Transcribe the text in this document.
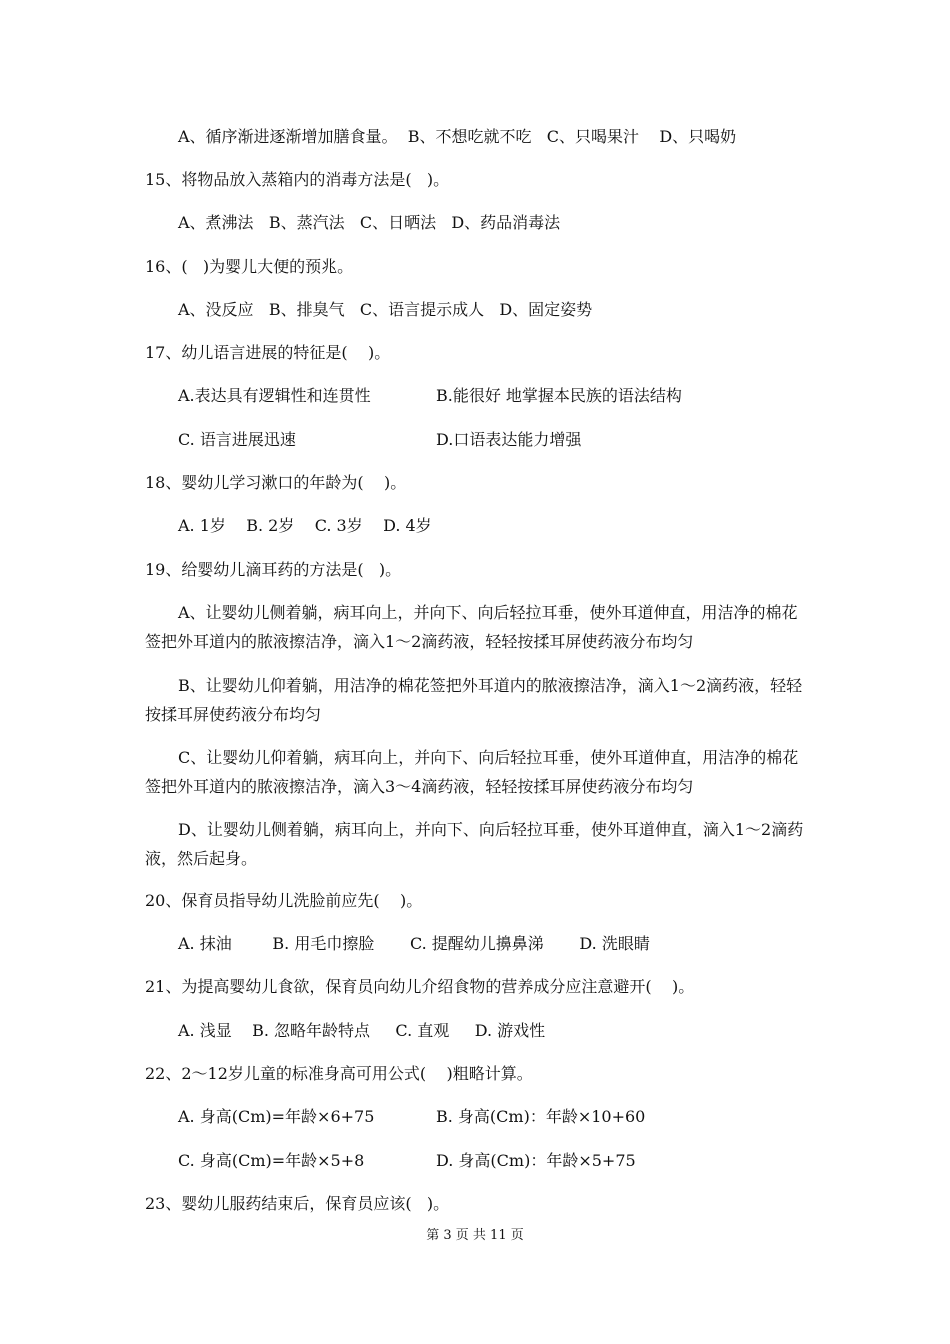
A、循序渐进逐渐增加膳食量。  B、不想吃就不吃   C、只喝果汁    D、只喝奶
15、将物品放入蒸箱内的消毒方法是(   )。
A、煮沸法   B、蒸汽法   C、日晒法   D、药品消毒法
16、(   )为婴儿大便的预兆。
A、没反应   B、排臭气   C、语言提示成人   D、固定姿势
17、幼儿语言进展的特征是(    )。
A.表达具有逻辑性和连贯性	B.能很好 地掌握本民族的语法结构
C. 语言进展迅速	D.口语表达能力增强
18、婴幼儿学习漱口的年龄为(    )。
A. 1岁    B. 2岁    C. 3岁    D. 4岁
19、给婴幼儿滴耳药的方法是(   )。
A、让婴幼儿侧着躺，病耳向上，并向下、向后轻拉耳垂，使外耳道伸直，用洁净的棉花签把外耳道内的脓液擦洁净，滴入1～2滴药液，轻轻按揉耳屏使药液分布均匀
B、让婴幼儿仰着躺，用洁净的棉花签把外耳道内的脓液擦洁净，滴入1～2滴药液，轻轻按揉耳屏使药液分布均匀
C、让婴幼儿仰着躺，病耳向上，并向下、向后轻拉耳垂，使外耳道伸直，用洁净的棉花签把外耳道内的脓液擦洁净，滴入3～4滴药液，轻轻按揉耳屏使药液分布均匀
D、让婴幼儿侧着躺，病耳向上，并向下、向后轻拉耳垂，使外耳道伸直，滴入1～2滴药液，然后起身。
20、保育员指导幼儿洗脸前应先(    )。
A. 抹油        B. 用毛巾擦脸       C. 提醒幼儿擤鼻涕       D. 洗眼睛
21、为提高婴幼儿食欲，保育员向幼儿介绍食物的营养成分应注意避开(    )。
A. 浅显    B. 忽略年龄特点     C. 直观     D. 游戏性
22、2～12岁儿童的标准身高可用公式(    )粗略计算。
A. 身高(Cm)=年龄×6+75	B. 身高(Cm)：年龄×10+60
C. 身高(Cm)=年龄×5+8	D. 身高(Cm)：年龄×5+75
23、婴幼儿服药结束后，保育员应该(   )。
第 3 页 共 11 页
